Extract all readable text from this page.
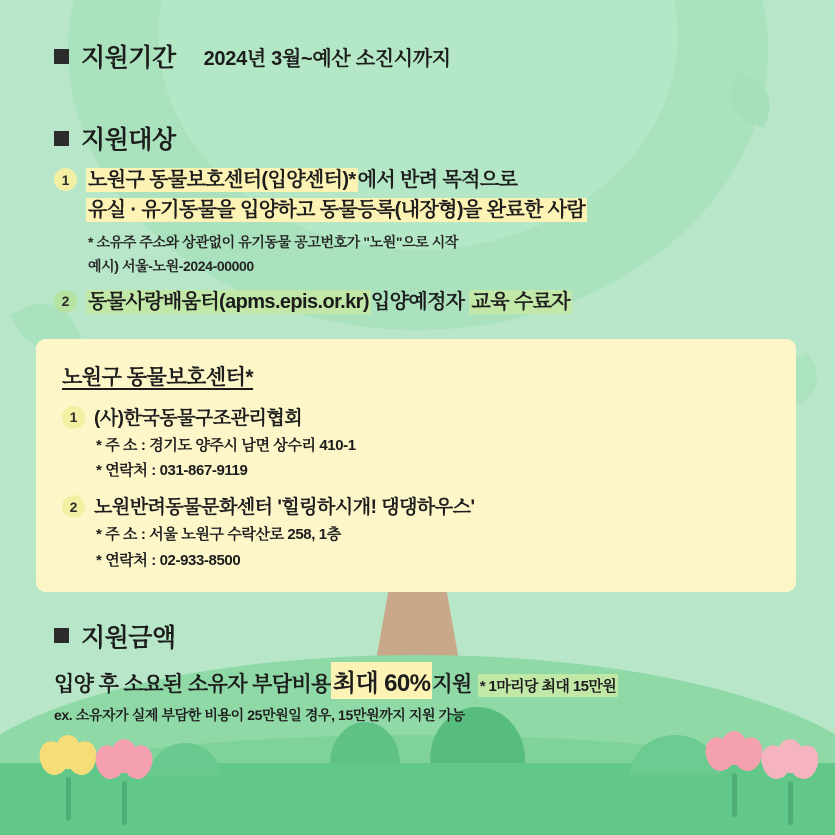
지원기간 2024년 3월~예산 소진시까지
지원대상
1 노원구 동물보호센터(입양센터)* 에서 반려 목적으로
유실 · 유기동물을 입양하고 동물등록(내장형)을 완료한 사람
* 소유주 주소와 상관없이 유기동물 공고번호가 "노원"으로 시작
예시) 서울-노원-2024-00000
2 동물사랑배움터(apms.epis.or.kr) 입양예정자 교육 수료자
노원구 동물보호센터*
1 (사)한국동물구조관리협회
* 주 소 : 경기도 양주시 남면 상수리 410-1
* 연락처 : 031-867-9119
2 노원반려동물문화센터 '힐링하시개! 댕댕하우스'
* 주 소 : 서울 노원구 수락산로 258, 1층
* 연락처 : 02-933-8500
지원금액
입양 후 소요된 소유자 부담비용 최대 60% 지원 * 1마리당 최대 15만원
ex. 소유자가 실제 부담한 비용이 25만원일 경우, 15만원까지 지원 가능
